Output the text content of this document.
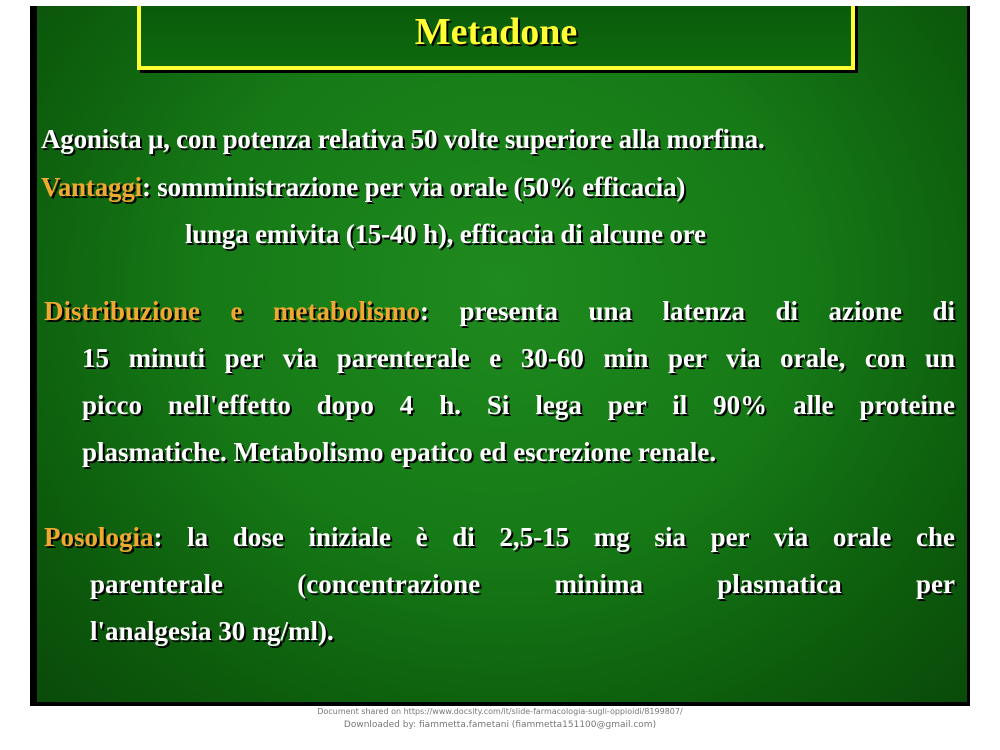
Metadone
Agonista μ, con potenza relativa 50 volte superiore alla morfina.
Vantaggi: somministrazione per via orale (50% efficacia)
lunga emivita (15-40 h), efficacia di alcune ore
Distribuzione e metabolismo: presenta una latenza di azione di
15 minuti per via parenterale e 30-60 min per via orale, con un
picco nell'effetto dopo 4 h. Si lega per il 90% alle proteine
plasmatiche. Metabolismo epatico ed escrezione renale.
Posologia: la dose iniziale è di 2,5-15 mg sia per via orale che
parenterale (concentrazione minima plasmatica per
l'analgesia 30 ng/ml).
Document shared on https://www.docsity.com/it/slide-farmacologia-sugli-oppioidi/8199807/
Downloaded by: fiammetta.fametani (fiammetta151100@gmail.com)
